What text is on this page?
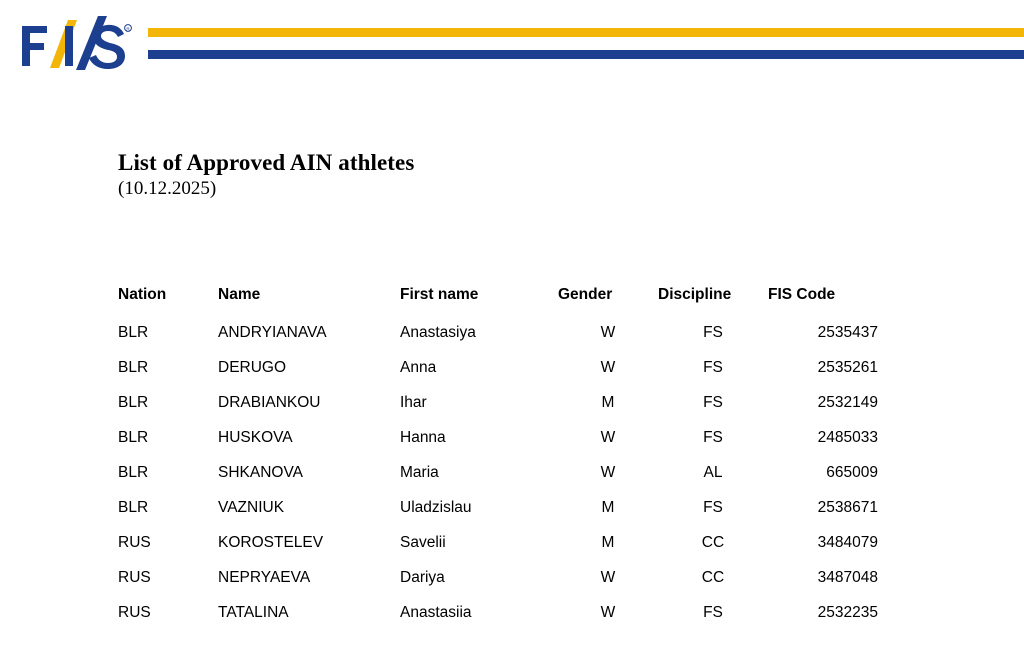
R
List of Approved AIN athletes
(10.12.2025)
Nation	Name	First name	Gender	Discipline	FIS Code
BLR	ANDRYIANAVA	Anastasiya	W	FS	2535437
BLR	DERUGO	Anna	W	FS	2535261
BLR	DRABIANKOU	Ihar	M	FS	2532149
BLR	HUSKOVA	Hanna	W	FS	2485033
BLR	SHKANOVA	Maria	W	AL	665009
BLR	VAZNIUK	Uladzislau	M	FS	2538671
RUS	KOROSTELEV	Savelii	M	CC	3484079
RUS	NEPRYAEVA	Dariya	W	CC	3487048
RUS	TATALINA	Anastasiia	W	FS	2532235
